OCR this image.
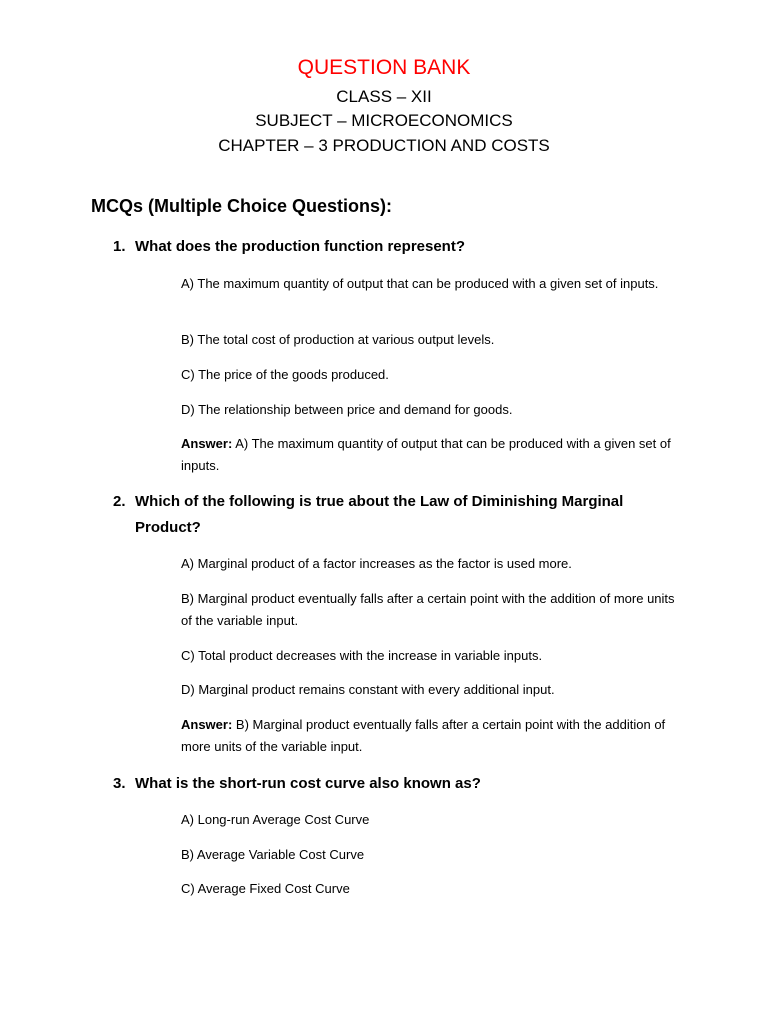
QUESTION BANK
CLASS – XII
SUBJECT – MICROECONOMICS
CHAPTER – 3 PRODUCTION AND COSTS
MCQs (Multiple Choice Questions):
1. What does the production function represent?
A) The maximum quantity of output that can be produced with a given set of inputs.
B) The total cost of production at various output levels.
C) The price of the goods produced.
D) The relationship between price and demand for goods.
Answer: A) The maximum quantity of output that can be produced with a given set of inputs.
2. Which of the following is true about the Law of Diminishing Marginal Product?
A) Marginal product of a factor increases as the factor is used more.
B) Marginal product eventually falls after a certain point with the addition of more units of the variable input.
C) Total product decreases with the increase in variable inputs.
D) Marginal product remains constant with every additional input.
Answer: B) Marginal product eventually falls after a certain point with the addition of more units of the variable input.
3. What is the short-run cost curve also known as?
A) Long-run Average Cost Curve
B) Average Variable Cost Curve
C) Average Fixed Cost Curve
